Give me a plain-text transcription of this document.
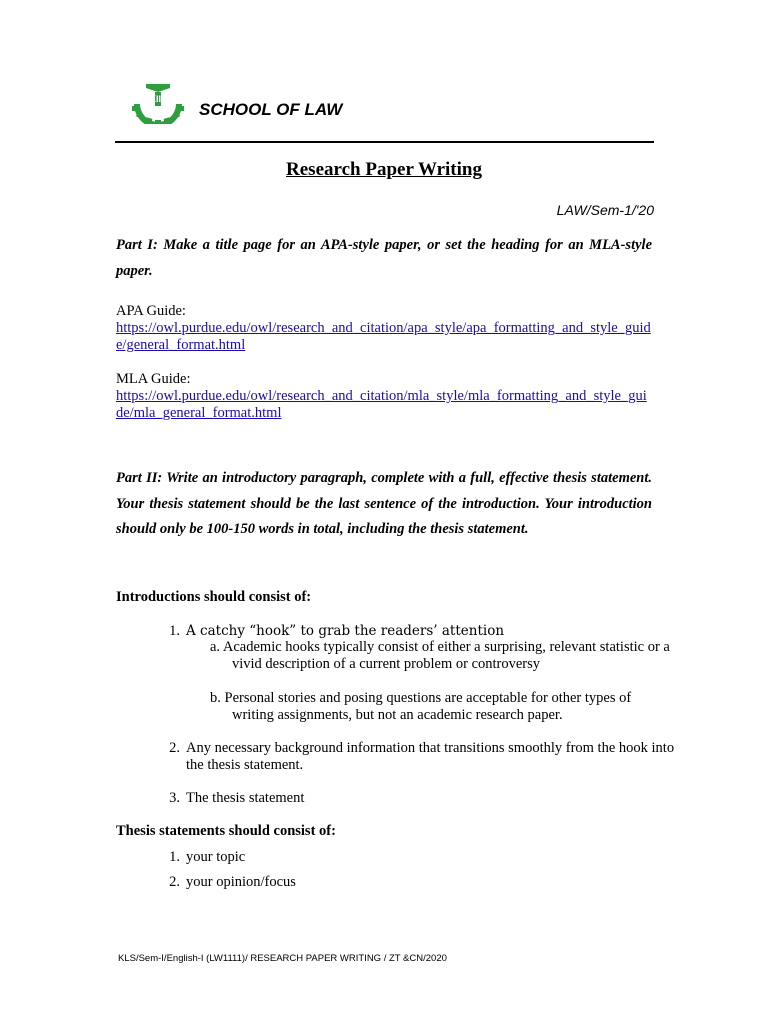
KIIT
SCHOOL OF LAW
Research Paper Writing
LAW/Sem-1/'20
Part I: Make a title page for an APA-style paper, or set the heading for an MLA-style paper.
APA Guide:
https://owl.purdue.edu/owl/research_and_citation/apa_style/apa_formatting_and_style_guide/general_format.html
MLA Guide:
https://owl.purdue.edu/owl/research_and_citation/mla_style/mla_formatting_and_style_guide/mla_general_format.html
Part II: Write an introductory paragraph, complete with a full, effective thesis statement. Your thesis statement should be the last sentence of the introduction. Your introduction should only be 100-150 words in total, including the thesis statement.
Introductions should consist of:
1. A catchy “hook” to grab the readers’ attention
a. Academic hooks typically consist of either a surprising, relevant statistic or a vivid description of a current problem or controversy
b. Personal stories and posing questions are acceptable for other types of writing assignments, but not an academic research paper.
2. Any necessary background information that transitions smoothly from the hook into the thesis statement.
3. The thesis statement
Thesis statements should consist of:
1. your topic
2. your opinion/focus
KLS/Sem-I/English-I (LW1111)/ RESEARCH PAPER WRITING / ZT &CN/2020
